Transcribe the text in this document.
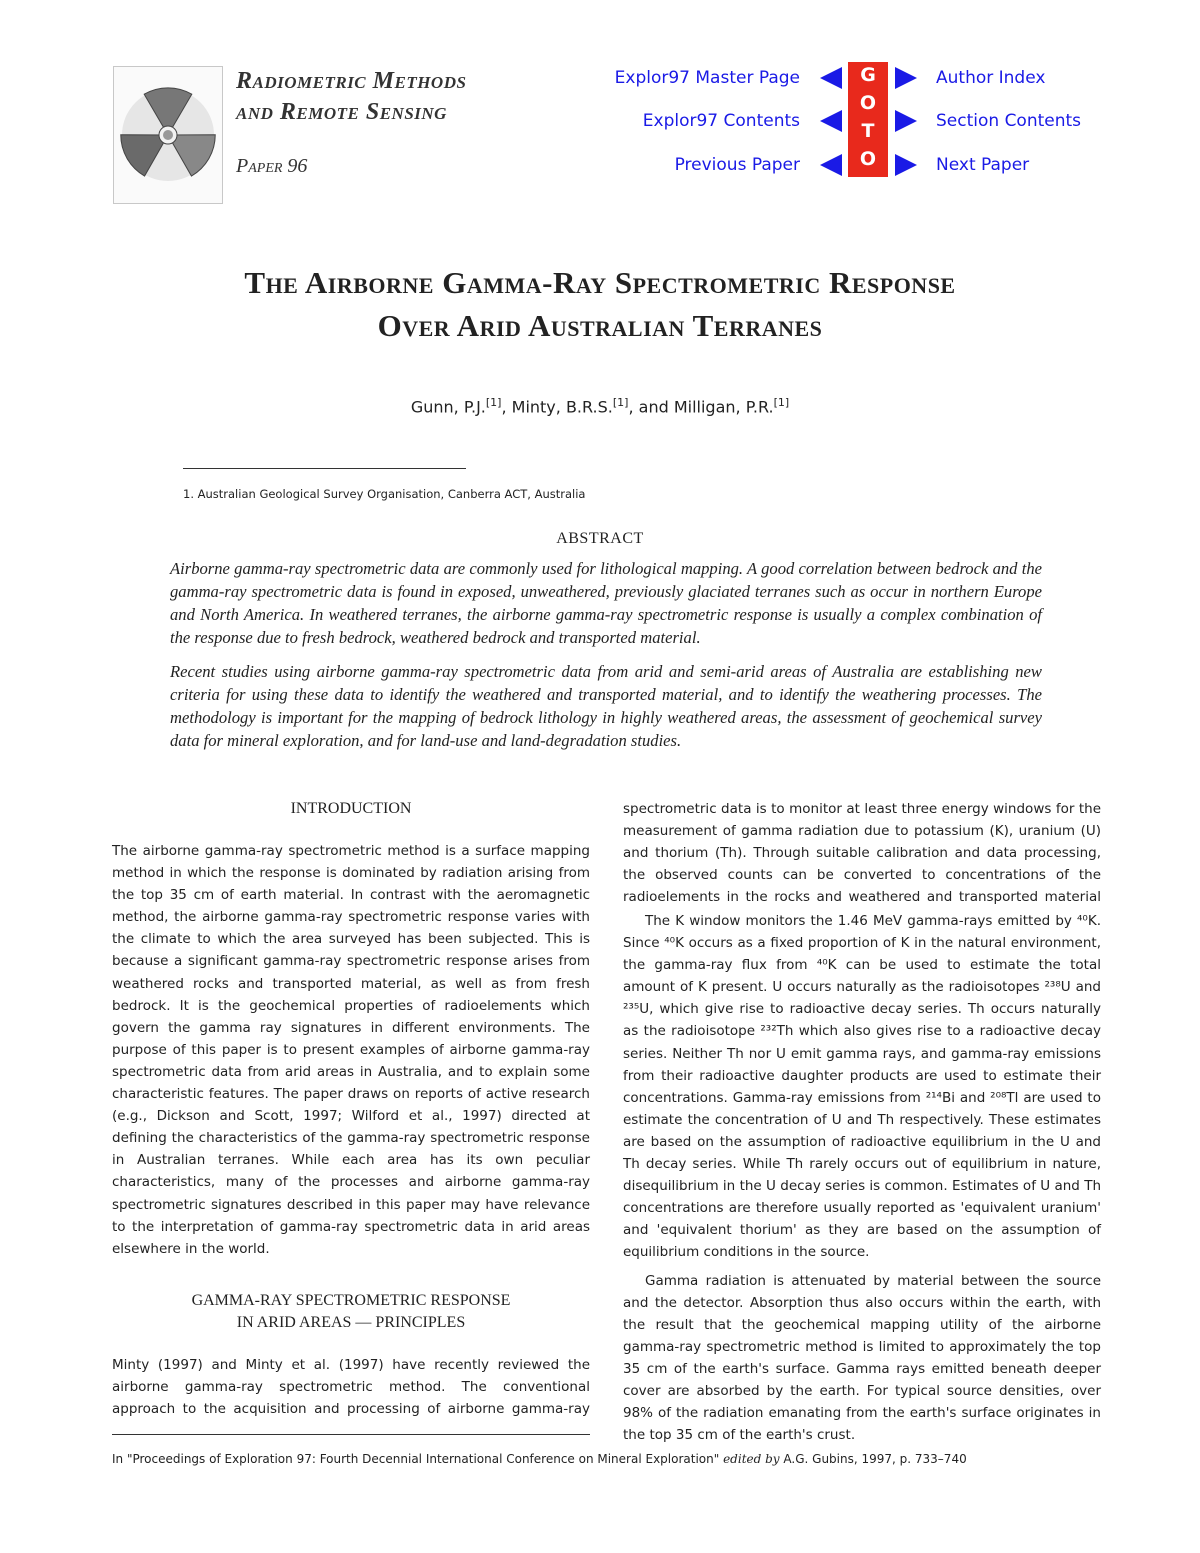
Radiometric Methods
and Remote Sensing
Paper 96
Explor97 Master Page
Explor97 Contents
Previous Paper
G
O
T
O
Author Index
Section Contents
Next Paper
The Airborne Gamma-Ray Spectrometric Response
Over Arid Australian Terranes
Gunn, P.J.[1], Minty, B.R.S.[1], and Milligan, P.R.[1]
1. Australian Geological Survey Organisation, Canberra ACT, Australia
ABSTRACT

Airborne gamma-ray spectrometric data are commonly used for lithological mapping. A good correlation between bedrock and the gamma-ray spectrometric data is found in exposed, unweathered, previously glaciated terranes such as occur in northern Europe and North America. In weathered terranes, the airborne gamma-ray spectrometric response is usually a complex combination of the response due to fresh bedrock, weathered bedrock and transported material.

Recent studies using airborne gamma-ray spectrometric data from arid and semi-arid areas of Australia are establishing new criteria for using these data to identify the weathered and transported material, and to identify the weathering processes. The methodology is important for the mapping of bedrock lithology in highly weathered areas, the assessment of geochemical survey data for mineral exploration, and for land-use and land-degradation studies.

INTRODUCTION

The airborne gamma-ray spectrometric method is a surface mapping method in which the response is dominated by radiation arising from the top 35 cm of earth material. In contrast with the aeromagnetic method, the airborne gamma-ray spectrometric response varies with the climate to which the area surveyed has been subjected. This is because a significant gamma-ray spectrometric response arises from weathered rocks and transported material, as well as from fresh bedrock. It is the geochemical properties of radioelements which govern the gamma ray signatures in different environments. The purpose of this paper is to present examples of airborne gamma-ray spectrometric data from arid areas in Australia, and to explain some characteristic features. The paper draws on reports of active research (e.g., Dickson and Scott, 1997; Wilford et al., 1997) directed at defining the characteristics of the gamma-ray spectrometric response in Australian terranes. While each area has its own peculiar characteristics, many of the processes and airborne gamma-ray spectrometric signatures described in this paper may have relevance to the interpretation of gamma-ray spectrometric data in arid areas elsewhere in the world.

GAMMA-RAY SPECTROMETRIC RESPONSE
IN ARID AREAS — PRINCIPLES

Minty (1997) and Minty et al. (1997) have recently reviewed the airborne gamma-ray spectrometric method. The conventional approach to the acquisition and processing of airborne gamma-ray

spectrometric data is to monitor at least three energy windows for the measurement of gamma radiation due to potassium (K), uranium (U) and thorium (Th). Through suitable calibration and data processing, the observed counts can be converted to concentrations of the radioelements in the rocks and weathered and transported material

The K window monitors the 1.46 MeV gamma-rays emitted by ⁴⁰K. Since ⁴⁰K occurs as a fixed proportion of K in the natural environment, the gamma-ray flux from ⁴⁰K can be used to estimate the total amount of K present. U occurs naturally as the radioisotopes ²³⁸U and ²³⁵U, which give rise to radioactive decay series. Th occurs naturally as the radioisotope ²³²Th which also gives rise to a radioactive decay series. Neither Th nor U emit gamma rays, and gamma-ray emissions from their radioactive daughter products are used to estimate their concentrations. Gamma-ray emissions from ²¹⁴Bi and ²⁰⁸Tl are used to estimate the concentration of U and Th respectively. These estimates are based on the assumption of radioactive equilibrium in the U and Th decay series. While Th rarely occurs out of equilibrium in nature, disequilibrium in the U decay series is common. Estimates of U and Th concentrations are therefore usually reported as 'equivalent uranium' and 'equivalent thorium' as they are based on the assumption of equilibrium conditions in the source.

Gamma radiation is attenuated by material between the source and the detector. Absorption thus also occurs within the earth, with the result that the geochemical mapping utility of the airborne gamma-ray spectrometric method is limited to approximately the top 35 cm of the earth's surface. Gamma rays emitted beneath deeper cover are absorbed by the earth. For typical source densities, over 98% of the radiation emanating from the earth's surface originates in the top 35 cm of the earth's crust.

In "Proceedings of Exploration 97: Fourth Decennial International Conference on Mineral Exploration" edited by A.G. Gubins, 1997, p. 733–740
